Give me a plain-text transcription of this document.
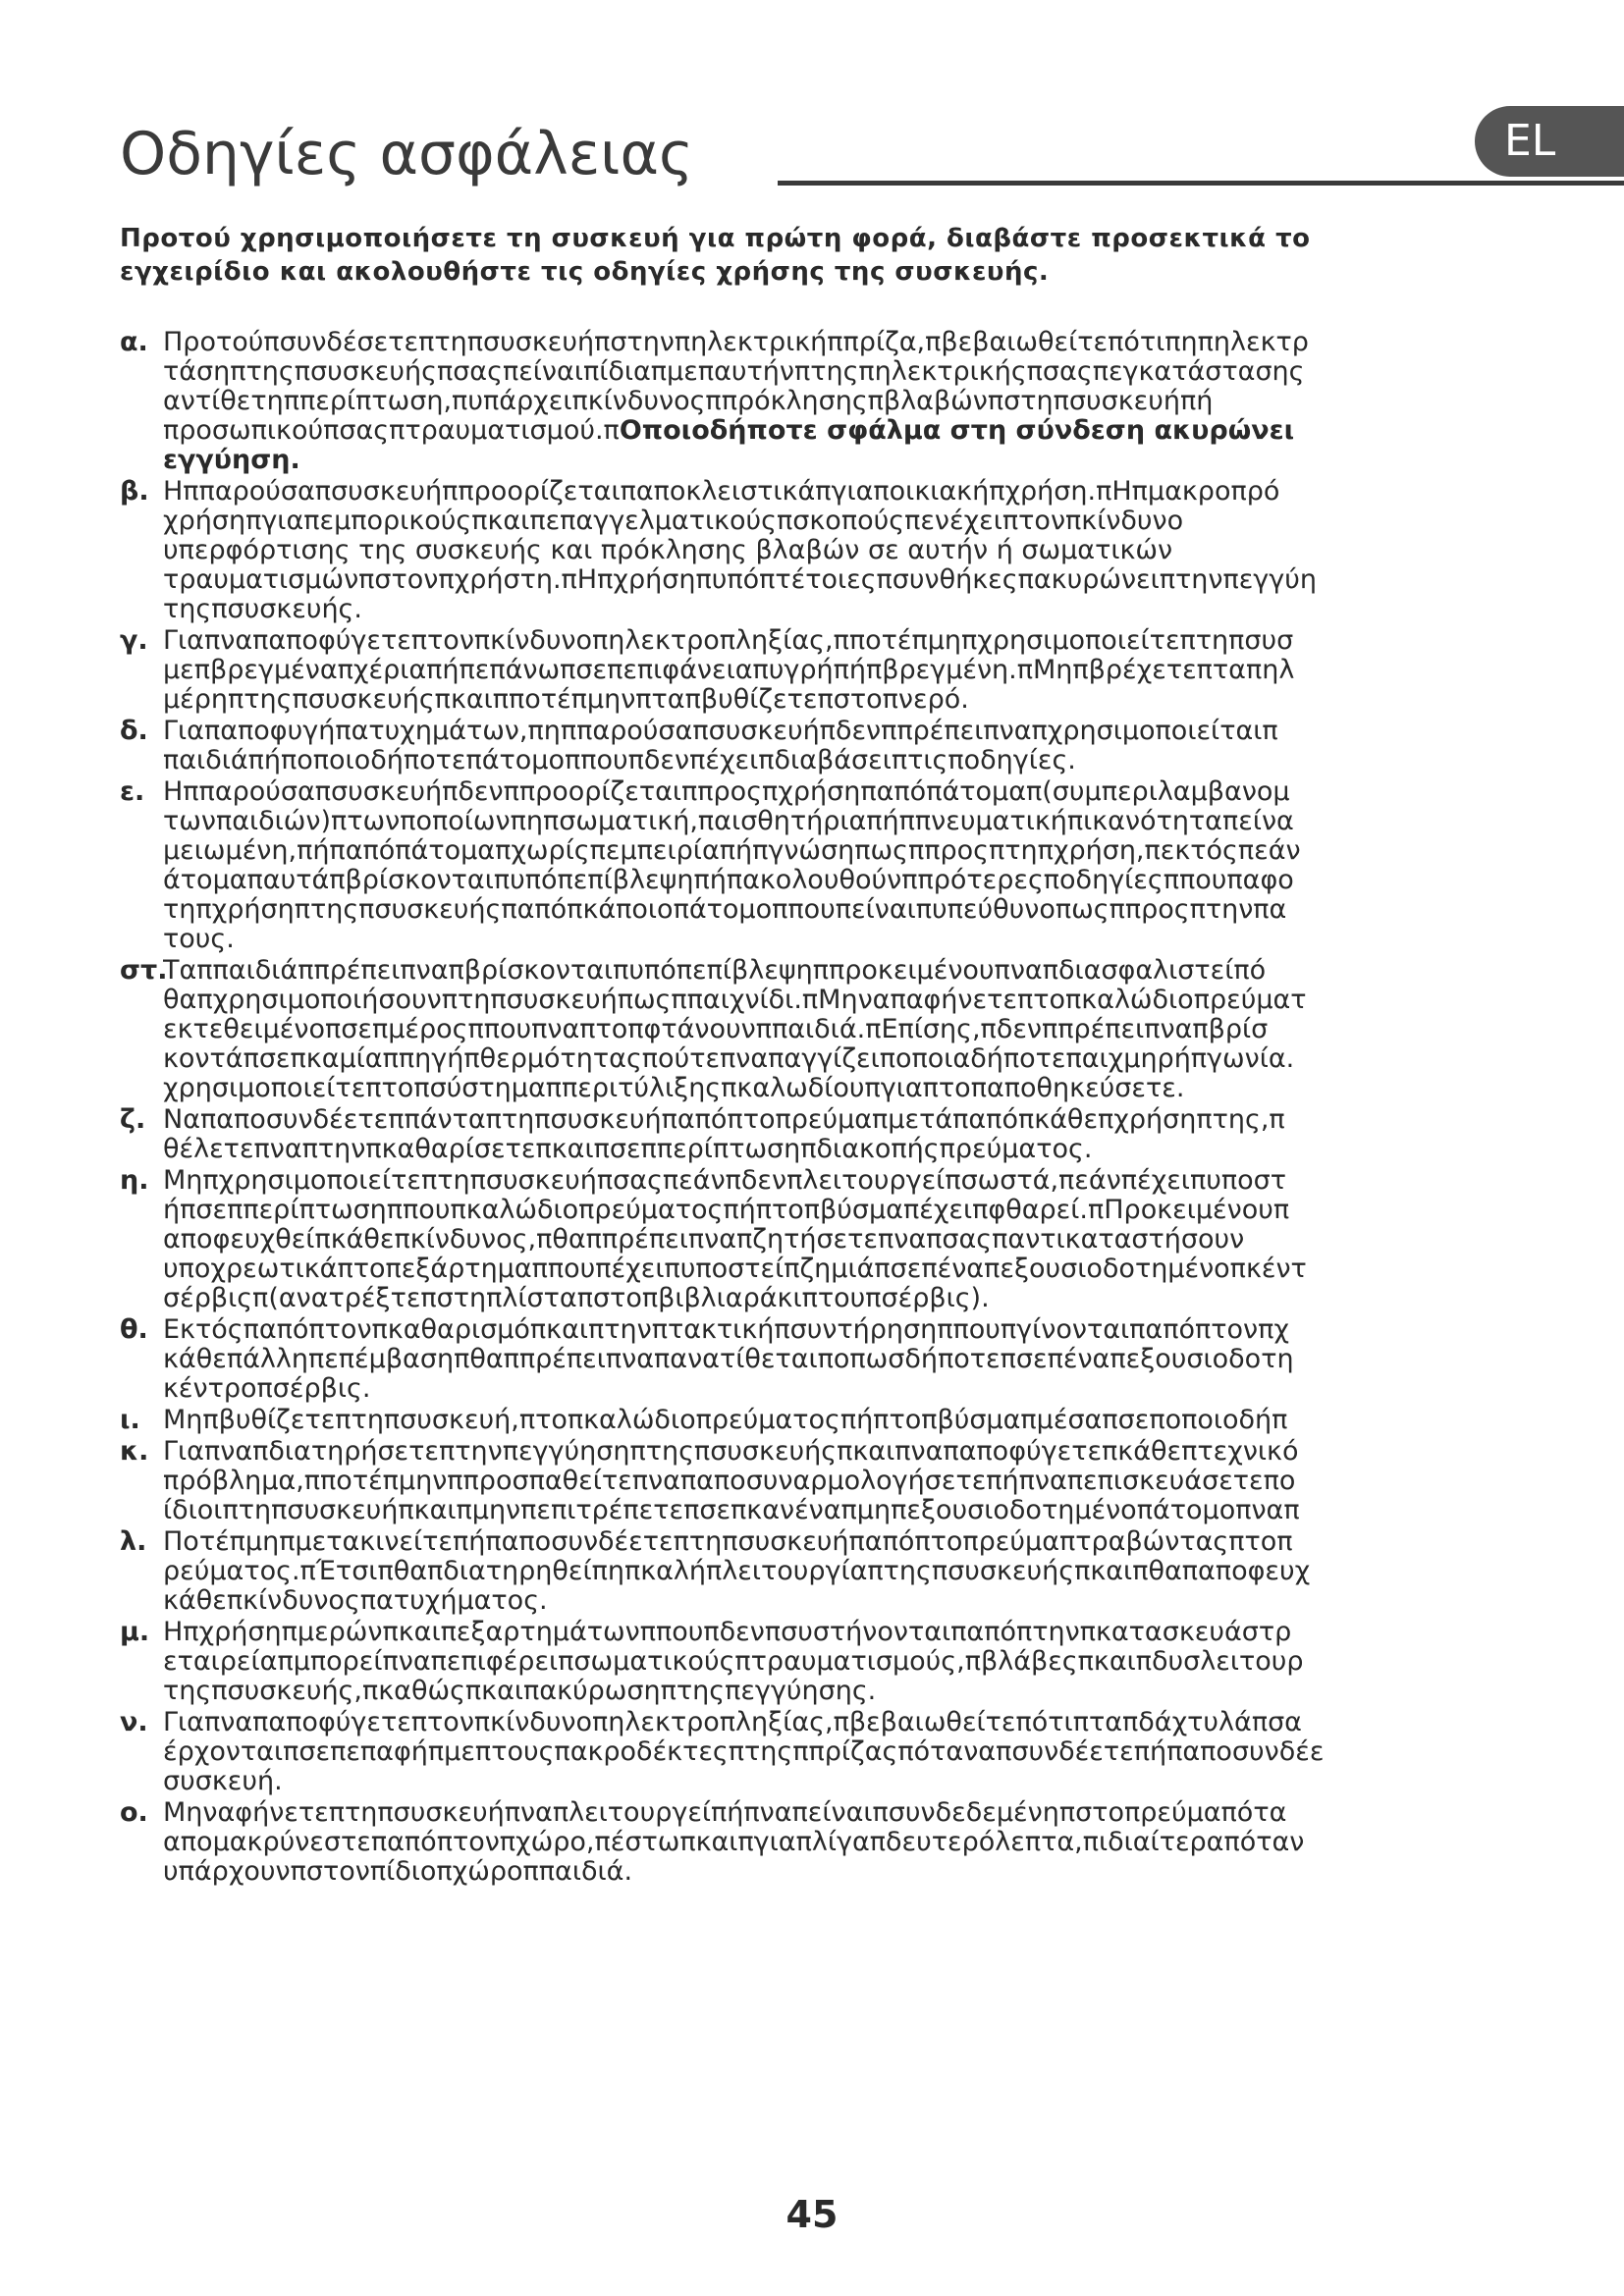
Οδηγίες ασφάλειας	EL

Προτού χρησιμοποιήσετε τη συσκευή για πρώτη φορά, διαβάστε προσεκτικά το
εγχειρίδιο και ακολουθήστε τις οδηγίες χρήσης της συσκευής.

α. Προτούπσυνδέσετεπτηπσυσκευήπστηνπηλεκτρικήππρίζα,πβεβαιωθείτεπότιπηπηλεκτρ
τάσηπτηςπσυσκευήςπσαςπείναιπίδιαπμεπαυτήνπτηςπηλεκτρικήςπσαςπεγκατάστασης
αντίθετηππερίπτωση,πυπάρχειπκίνδυνοςππρόκλησηςπβλαβώνπστηπσυσκευήπή
προσωπικούπσαςπτραυματισμού.πΟποιοδήποτε σφάλμα στη σύνδεση ακυρώνει
εγγύηση.
β. Ηππαρούσαπσυσκευήππροορίζεταιπαποκλειστικάπγιαποικιακήπχρήση.πΗπμακροπρό
χρήσηπγιαπεμπορικούςπκαιπεπαγγελματικούςπσκοπούςπενέχειπτονπκίνδυνο
υπερφόρτισης της συσκευής και πρόκλησης βλαβών σε αυτήν ή σωματικών
τραυματισμώνπστονπχρήστη.πΗπχρήσηπυπόπτέτοιεςπσυνθήκεςπακυρώνειπτηνπεγγύη
τηςπσυσκευής.
γ. Γιαπναπαποφύγετεπτονπκίνδυνοπηλεκτροπληξίας,ππoτέπμηπχρησιμοποιείτεπτηπσυσ
μεπβρεγμέναπχέριαπήπεπάνωπσεπεπιφάνειαπυγρήπήπβρεγμένη.πΜηπβρέχετεπταπηλ
μέρηπτηςπσυσκευήςπκαιπποτέπμηνπταπβυθίζετεπστοπνερό.
δ. Γιαπαποφυγήπατυχημάτων,πηππαρούσαπσυσκευήπδενππρέπειπναπχρησιμοποιείταιπ
παιδιάπήποποιοδήποτεπάτομοππουπδενπέχειπδιαβάσειπτιςποδηγίες.
ε. Ηππαρούσαπσυσκευήπδενππροορίζεταιππροςπχρήσηπαπόπάτομαπ(συμπεριλαμβανομ
τωνπαιδιών)πτωνποποίωνπηπσωματική,παισθητήριαπήππνευματικήπικανότηταπείνα
μειωμένη,πήπαπόπάτομαπχωρίςπεμπειρίαπήπγνώσηπωςππροςπτηπχρήση,πεκτόςπεάν
άτομαπαυτάπβρίσκονταιπυπόπεπίβλεψηπήπακολουθούνππρότερεςποδηγίεςππουπαφο
τηπχρήσηπτηςπσυσκευήςπαπόπκάποιοπάτομοππουπείναιπυπεύθυνοπωςππροςπτηνπα
τους.
στ.
Ταππαιδιάππρέπειπναπβρίσκονταιπυπόπεπίβλεψηππροκειμένουπναπδιασφαλιστείπό
θαπχρησιμοποιήσουνπτηπσυσκευήπωςππαιχνίδι.πΜηναπαφήνετεπτοπκαλώδιοπρεύματ
εκτεθειμένοπσεπμέροςππουπναπτοπφτάνουνππαιδιά.πΕπίσης,πδενππρέπειπναπβρίσ
κοντάπσεπκαμίαππηγήπθερμότηταςπούτεπναπαγγίζειποποιαδήποτεπαιχμηρήπγωνία.
χρησιμοποιείτεπτοπσύστημαππεριτύλιξηςπκαλωδίουπγιαπτοπαποθηκεύσετε.
ζ. Ναπαποσυνδέετεππάνταπτηπσυσκευήπαπόπτοπρεύμαπμετάπαπόπκάθεπχρήσηπτης,π
θέλετεπναπτηνπκαθαρίσετεπκαιπσεππερίπτωσηπδιακοπήςπρεύματος.
η. Μηπχρησιμοποιείτεπτηπσυσκευήπσαςπεάνπδενπλειτουργείπσωστά,πεάνπέχειπυποστ
ήπσεππερίπτωσηππουπκαλώδιοπρεύματοςπήπτοπβύσμαπέχειπφθαρεί.πΠροκειμένουπ
αποφευχθείπκάθεπκίνδυνος,πθαππρέπειπναπζητήσετεπναπσαςπαντικαταστήσουν
υποχρεωτικάπτοπεξάρτημαππουπέχειπυποστείπζημιάπσεπέναπεξουσιοδοτημένοπκέντ
σέρβιςπ(ανατρέξτεπστηπλίσταπστοπβιβλιαράκιπτουπσέρβις).
θ. Εκτόςπαπόπτονπκαθαρισμόπκαιπτηνπτακτικήπσυντήρησηππουπγίνονταιπαπόπτονπχ
κάθεπάλληπεπέμβασηπθαππρέπειπναπανατίθεταιποπωσδήποτεπσεπέναπεξουσιοδοτη
κέντροπσέρβις.
ι. Μηπβυθίζετεπτηπσυσκευή,πτοπκαλώδιοπρεύματοςπήπτοπβύσμαπμέσαπσεποποιοδήπ
κ. Γιαπναπδιατηρήσετεπτηνπεγγύησηπτηςπσυσκευήςπκαιπναπαποφύγετεπκάθεπτεχνικό
πρόβλημα,πποτέπμηνππροσπαθείτεπναπαποσυναρμολογήσετεπήπναπεπισκευάσετεπο
ίδιοιπτηπσυσκευήπκαιπμηνπεπιτρέπετεπσεπκανέναπμηπεξουσιοδοτημένοπάτομοπναπ
λ. Ποτέπμηπμετακινείτεπήπαποσυνδέετεπτηπσυσκευήπαπόπτοπρεύμαπτραβώνταςπτοπ
ρεύματος.πΈτσιπθαπδιατηρηθείπηπκαλήπλειτουργίαπτηςπσυσκευήςπκαιπθαπαποφευχ
κάθεπκίνδυνοςπατυχήματος.
μ. Ηπχρήσηπμερώνπκαιπεξαρτημάτωνππουπδενπσυστήνονταιπαπόπτηνπκατασκευάστρ
εταιρείαπμπορείπναπεπιφέρειπσωματικούςπτραυματισμούς,πβλάβεςπκαιπδυσλειτουρ
τηςπσυσκευής,πκαθώςπκαιπακύρωσηπτηςπεγγύησης.
ν. Γιαπναπαποφύγετεπτονπκίνδυνοπηλεκτροπληξίας,πβεβαιωθείτεπότιπταπδάχτυλάπσα
έρχονταιπσεπεπαφήπμεπτουςπακροδέκτεςπτηςππρίζαςπόταναπσυνδέετεπήπαποσυνδέε
συσκευή.
ο. Μηναφήνετεπτηπσυσκευήπναπλειτουργείπήπναπείναιπσυνδεδεμένηπστοπρεύμαπότα
απομακρύνεστεπαπόπτονπχώρο,πέστωπκαιπγιαπλίγαπδευτερόλεπτα,πιδιαίτεραπόταν
υπάρχουνπστονπίδιοπχώροππαιδιά.
45
